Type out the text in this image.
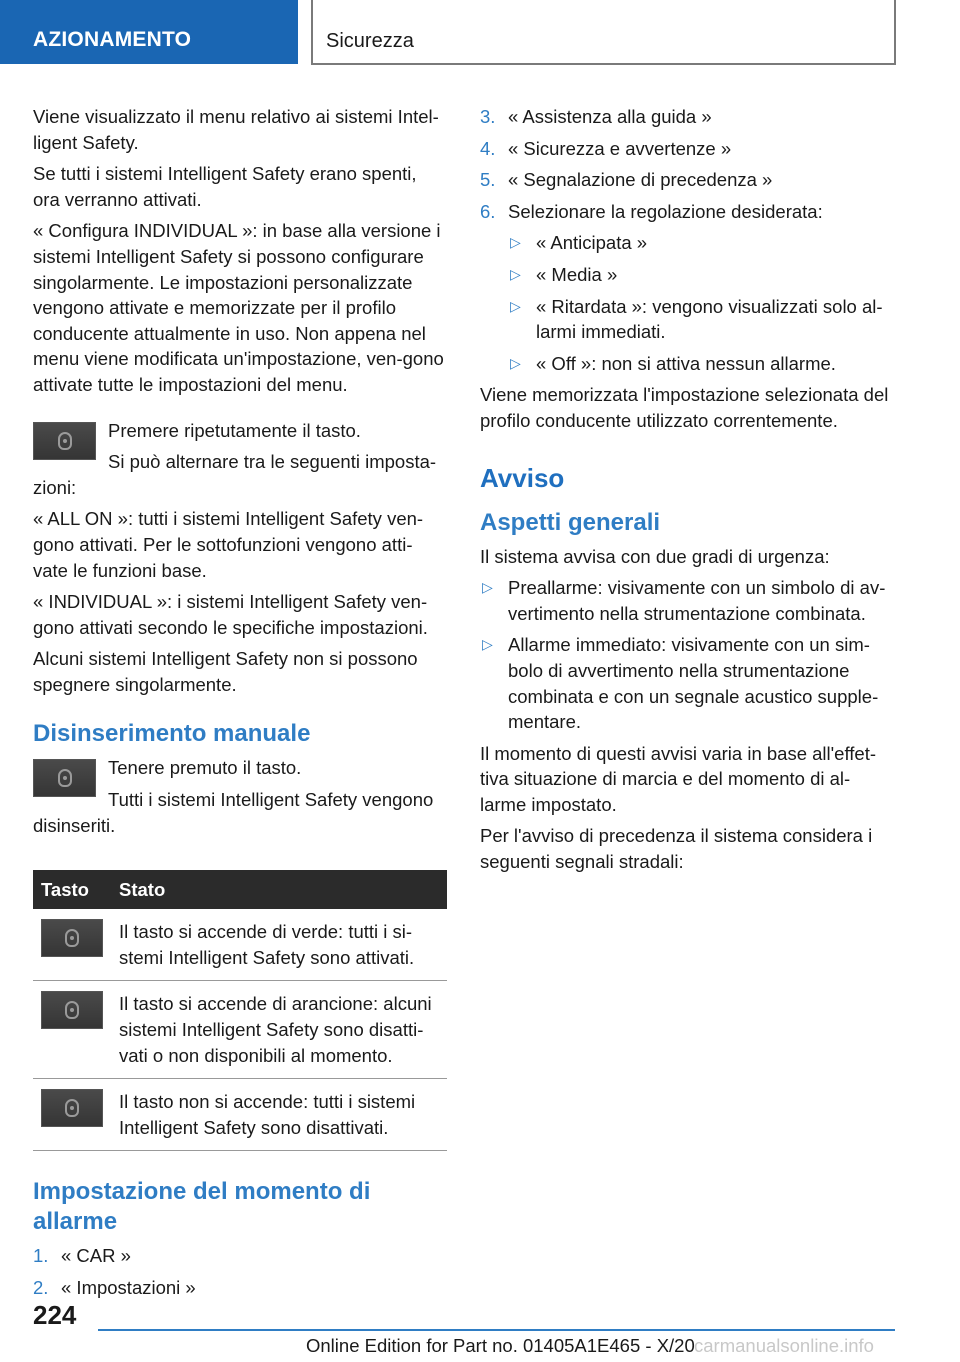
AZIONAMENTO	Sicurezza
Viene visualizzato il menu relativo ai sistemi Intel-ligent Safety.
Se tutti i sistemi Intelligent Safety erano spenti, ora verranno attivati.
« Configura INDIVIDUAL »: in base alla versione i sistemi Intelligent Safety si possono configurare singolarmente. Le impostazioni personalizzate vengono attivate e memorizzate per il profilo conducente attualmente in uso. Non appena nel menu viene modificata un'impostazione, ven-gono attivate tutte le impostazioni del menu.
Premere ripetutamente il tasto.
Si può alternare tra le seguenti imposta-zioni:
« ALL ON »: tutti i sistemi Intelligent Safety ven-gono attivati. Per le sottofunzioni vengono atti-vate le funzioni base.
« INDIVIDUAL »: i sistemi Intelligent Safety ven-gono attivati secondo le specifiche impostazioni.
Alcuni sistemi Intelligent Safety non si possono spegnere singolarmente.
Disinserimento manuale
Tenere premuto il tasto.
Tutti i sistemi Intelligent Safety vengono disinseriti.
Tasto	Stato

	Il tasto si accende di verde: tutti i si-stemi Intelligent Safety sono attivati.

	Il tasto si accende di arancione: alcuni sistemi Intelligent Safety sono disatti-vati o non disponibili al momento.

	Il tasto non si accende: tutti i sistemi Intelligent Safety sono disattivati.
Impostazione del momento di allarme
1. « CAR »
2. « Impostazioni »
3. « Assistenza alla guida »
4. « Sicurezza e avvertenze »
5. « Segnalazione di precedenza »
6. Selezionare la regolazione desiderata:
▷ « Anticipata »
▷ « Media »
▷ « Ritardata »: vengono visualizzati solo al-larmi immediati.
▷ « Off »: non si attiva nessun allarme.
Viene memorizzata l'impostazione selezionata del profilo conducente utilizzato correntemente.
Avviso
Aspetti generali
Il sistema avvisa con due gradi di urgenza:
▷ Preallarme: visivamente con un simbolo di av-vertimento nella strumentazione combinata.
▷ Allarme immediato: visivamente con un sim-bolo di avvertimento nella strumentazione combinata e con un segnale acustico supple-mentare.
Il momento di questi avvisi varia in base all'effet-tiva situazione di marcia e del momento di al-larme impostato.
Per l'avviso di precedenza il sistema considera i seguenti segnali stradali:
224
Online Edition for Part no. 01405A1E465 - X/20 carmanualsonline.info
